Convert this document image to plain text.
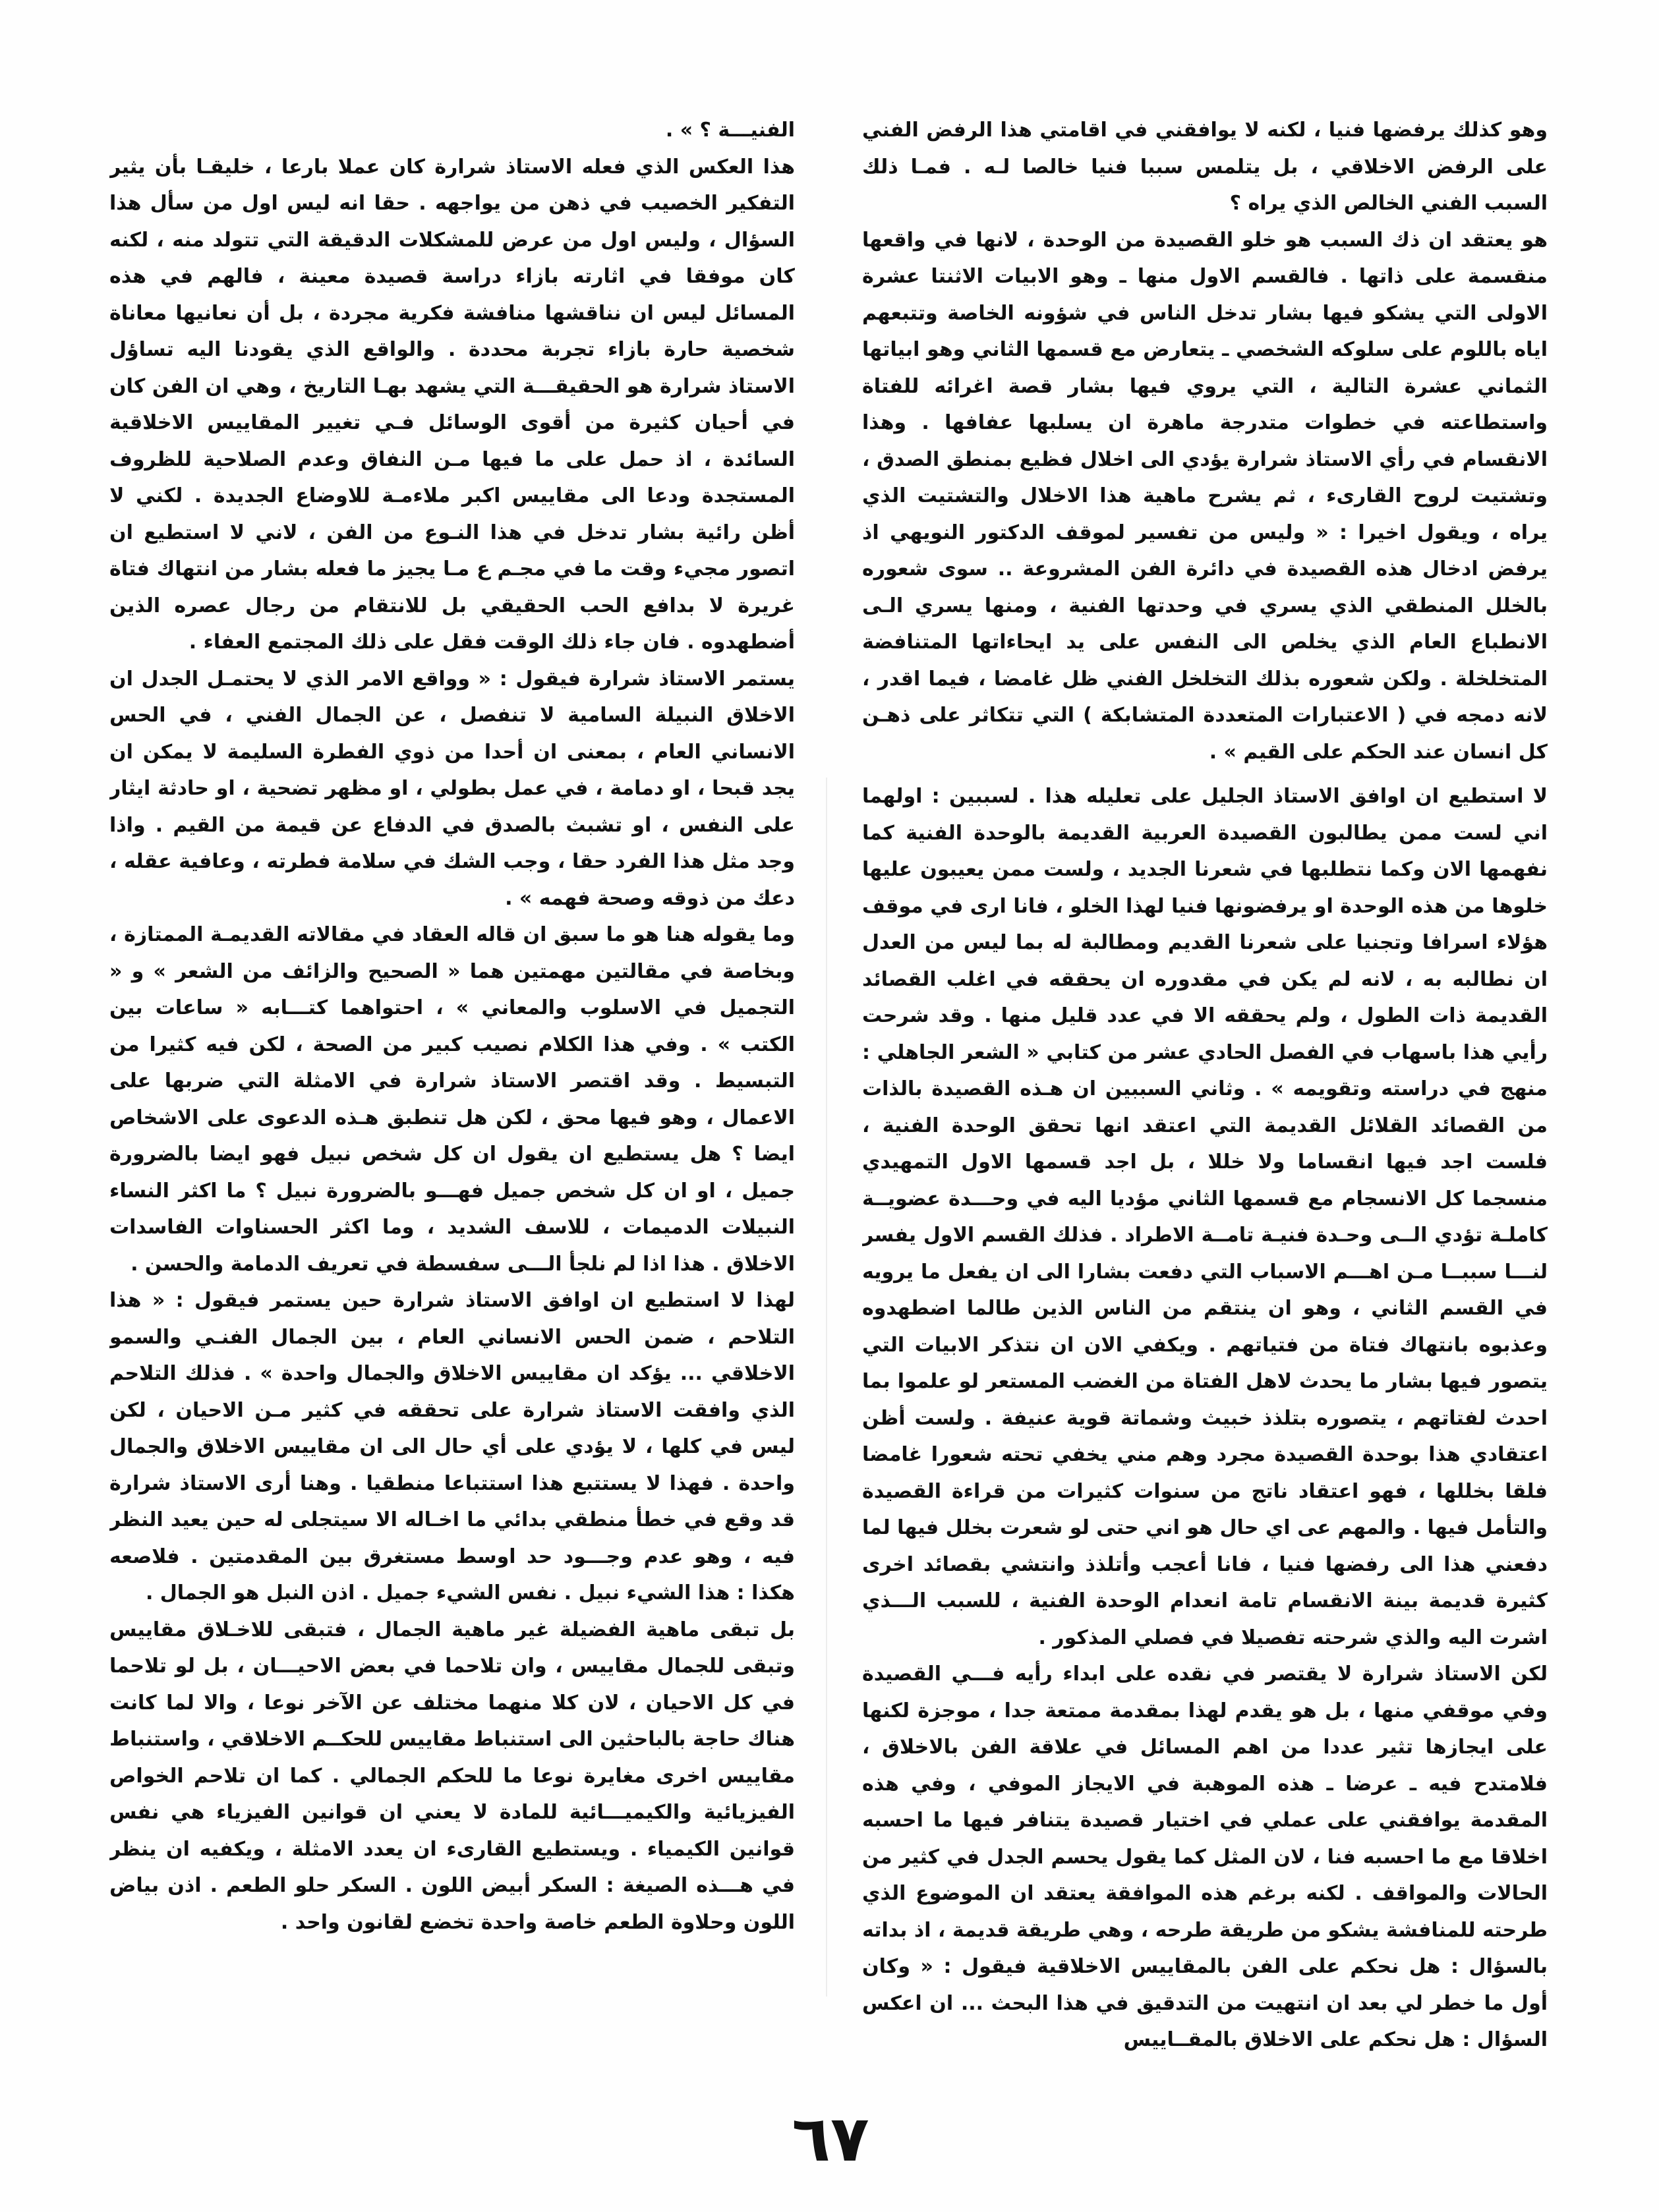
وهو كذلك يرفضها فنيا ، لكنه لا يوافقني في اقامتي هذا الرفض الفني على الرفض الاخلاقي ، بل يتلمس سببا فنيا خالصا لـه . فمـا ذلك السبب الفني الخالص الذي يراه ؟

هو يعتقد ان ذك السبب هو خلو القصيدة من الوحدة ، لانها في واقعها منقسمة على ذاتها . فالقسم الاول منها ـ وهو الابيات الاثنتا عشرة الاولى التي يشكو فيها بشار تدخل الناس في شؤونه الخاصة وتتبعهم اياه باللوم على سلوكه الشخصي ـ يتعارض مع قسمها الثاني وهو ابياتها الثماني عشرة التالية ، التي يروي فيها بشار قصة اغرائه للفتاة واستطاعته في خطوات متدرجة ماهرة ان يسلبها عفافها . وهذا الانقسام في رأي الاستاذ شرارة يؤدي الى اخلال فظيع بمنطق الصدق ، وتشتيت لروح القارىء ، ثم يشرح ماهية هذا الاخلال والتشتيت الذي يراه ، ويقول اخيرا : « وليس من تفسير لموقف الدكتور النويهي اذ يرفض ادخال هذه القصيدة في دائرة الفن المشروعة .. سوى شعوره بالخلل المنطقي الذي يسري في وحدتها الفنية ، ومنها يسري الـى الانطباع العام الذي يخلص الى النفس على يد ايحاءاتها المتنافضة المتخلخلة . ولكن شعوره بذلك التخلخل الفني ظل غامضا ، فيما اقدر ، لانه دمجه في ( الاعتبارات المتعددة المتشابكة ) التي تتكاثر على ذهـن كل انسان عند الحكم على القيم » .

لا استطيع ان اوافق الاستاذ الجليل على تعليله هذا . لسببين : اولهما اني لست ممن يطالبون القصيدة العربية القديمة بالوحدة الفنية كما نفهمها الان وكما نتطلبها في شعرنا الجديد ، ولست ممن يعيبون عليها خلوها من هذه الوحدة او يرفضونها فنيا لهذا الخلو ، فانا ارى في موقف هؤلاء اسرافا وتجنيا على شعرنا القديم ومطالبة له بما ليس من العدل ان نطالبه به ، لانه لم يكن في مقدوره ان يحققه في اغلب القصائد القديمة ذات الطول ، ولم يحققه الا في عدد قليل منها . وقد شرحت رأيي هذا باسهاب في الفصل الحادي عشر من كتابي « الشعر الجاهلي : منهج في دراسته وتقويمه » . وثاني السببين ان هـذه القصيدة بالذات من القصائد القلائل القديمة التي اعتقد انها تحقق الوحدة الفنية ، فلست اجد فيها انقساما ولا خللا ، بل اجد قسمها الاول التمهيدي منسجما كل الانسجام مع قسمها الثاني مؤديا اليه في وحـــدة عضويــة كاملـة تؤدي الــى وحـدة فنيـة تامــة الاطراد . فذلك القسم الاول يفسر لنـــا سببــا مـن اهـــم الاسباب التي دفعت بشارا الى ان يفعل ما يرويه في القسم الثاني ، وهو ان ينتقم من الناس الذين طالما اضطهدوه وعذبوه بانتهاك فتاة من فتياتهم . ويكفي الان ان نتذكر الابيات التي يتصور فيها بشار ما يحدث لاهل الفتاة من الغضب المستعر لو علموا بما احدث لفتاتهم ، يتصوره بتلذذ خبيث وشماتة قوية عنيفة . ولست أظن اعتقادي هذا بوحدة القصيدة مجرد وهم مني يخفي تحته شعورا غامضا فلقا بخللها ، فهو اعتقاد ناتج من سنوات كثيرات من قراءة القصيدة والتأمل فيها . والمهم عى اي حال هو اني حتى لو شعرت بخلل فيها لما دفعني هذا الى رفضها فنيا ، فانا أعجب وأتلذذ وانتشي بقصائد اخرى كثيرة قديمة بينة الانقسام تامة انعدام الوحدة الفنية ، للسبب الـــذي اشرت اليه والذي شرحته تفصيلا في فصلي المذكور .

لكن الاستاذ شرارة لا يقتصر في نقده على ابداء رأيه فـــي القصيدة وفي موقفي منها ، بل هو يقدم لهذا بمقدمة ممتعة جدا ، موجزة لكنها على ايجازها تثير عددا من اهم المسائل في علاقة الفن بالاخلاق ، فلامتدح فيه ـ عرضا ـ هذه الموهبة في الايجاز الموفي ، وفي هذه المقدمة يوافقني على عملي في اختيار قصيدة يتنافر فيها ما احسبه اخلاقا مع ما احسبه فنا ، لان المثل كما يقول يحسم الجدل في كثير من الحالات والمواقف . لكنه برغم هذه الموافقة يعتقد ان الموضوع الذي طرحته للمنافشة يشكو من طريقة طرحه ، وهي طريقة قديمة ، اذ بداته بالسؤال : هل نحكم على الفن بالمقاييس الاخلاقية فيقول : « وكان أول ما خطر لي بعد ان انتهيت من التدقيق في هذا البحث ... ان اعكس السؤال : هل نحكم على الاخلاق بالمقــاييس

الفنيـــة ؟ » .

هذا العكس الذي فعله الاستاذ شرارة كان عملا بارعا ، خليقـا بأن يثير التفكير الخصيب في ذهن من يواجهه . حقا انه ليس اول من سأل هذا السؤال ، وليس اول من عرض للمشكلات الدقيقة التي تتولد منه ، لكنه كان موفقا في اثارته بازاء دراسة قصيدة معينة ، فالهم في هذه المسائل ليس ان نناقشها منافشة فكرية مجردة ، بل أن نعانيها معاناة شخصية حارة بازاء تجربة محددة . والواقع الذي يقودنا اليه تساؤل الاستاذ شرارة هو الحقيقـــة التي يشهد بهـا التاريخ ، وهي ان الفن كان في أحيان كثيرة من أقوى الوسائل فـي تغيير المقاييس الاخلاقية السائدة ، اذ حمل على ما فيها مـن النفاق وعدم الصلاحية للظروف المستجدة ودعا الى مقاييس اكبر ملاءمـة للاوضاع الجديدة . لكني لا أظن رائية بشار تدخل في هذا النـوع من الفن ، لاني لا استطيع ان اتصور مجيء وقت ما في مجـم ع مـا يجيز ما فعله بشار من انتهاك فتاة غريرة لا بدافع الحب الحقيقي بل للانتقام من رجال عصره الذين أضطهدوه . فان جاء ذلك الوقت فقل على ذلك المجتمع العفاء .

يستمر الاستاذ شرارة فيقول : « وواقع الامر الذي لا يحتمـل الجدل ان الاخلاق النبيلة السامية لا تنفصل ، عن الجمال الفني ، في الحس الانساني العام ، بمعنى ان أحدا من ذوي الفطرة السليمة لا يمكن ان يجد قبحا ، او دمامة ، في عمل بطولي ، او مظهر تضحية ، او حادثة ايثار على النفس ، او تشبث بالصدق في الدفاع عن قيمة من القيم . واذا وجد مثل هذا الفرد حقا ، وجب الشك في سلامة فطرته ، وعافية عقله ، دعك من ذوقه وصحة فهمه » .

وما يقوله هنا هو ما سبق ان قاله العقاد في مقالاته القديمـة الممتازة ، وبخاصة في مقالتين مهمتين هما « الصحيح والزائف من الشعر » و « التجميل في الاسلوب والمعاني » ، احتواهما كتـــابه « ساعات بين الكتب » . وفي هذا الكلام نصيب كبير من الصحة ، لكن فيه كثيرا من التبسيط . وقد اقتصر الاستاذ شرارة في الامثلة التي ضربها على الاعمال ، وهو فيها محق ، لكن هل تنطبق هـذه الدعوى على الاشخاص ايضا ؟ هل يستطيع ان يقول ان كل شخص نبيل فهو ايضا بالضرورة جميل ، او ان كل شخص جميل فهـــو بالضرورة نبيل ؟ ما اكثر النساء النبيلات الدميمات ، للاسف الشديد ، وما اكثر الحسناوات الفاسدات الاخلاق . هذا اذا لم نلجأ الـــى سفسطة في تعريف الدمامة والحسن .

لهذا لا استطيع ان اوافق الاستاذ شرارة حين يستمر فيقول : « هذا التلاحم ، ضمن الحس الانساني العام ، بين الجمال الفنـي والسمو الاخلاقي ... يؤكد ان مقاييس الاخلاق والجمال واحدة » . فذلك التلاحم الذي وافقت الاستاذ شرارة على تحققه في كثير مـن الاحيان ، لكن ليس في كلها ، لا يؤدي على أي حال الى ان مقاييس الاخلاق والجمال واحدة . فهذا لا يستتبع هذا استتباعا منطقيا . وهنا أرى الاستاذ شرارة قد وقع في خطأ منطقي بدائي ما اخـاله الا سيتجلى له حين يعيد النظر فيه ، وهو عدم وجـــود حد اوسط مستغرق بين المقدمتين . فلاصعه هكذا : هذا الشيء نبيل . نفس الشيء جميل . اذن النبل هو الجمال .

بل تبقى ماهية الفضيلة غير ماهية الجمال ، فتبقى للاخـلاق مقاييس وتبقى للجمال مقاييس ، وان تلاحما في بعض الاحيـــان ، بل لو تلاحما في كل الاحيان ، لان كلا منهما مختلف عن الآخر نوعا ، والا لما كانت هناك حاجة بالباحثين الى استنباط مقاييس للحكــم الاخلاقي ، واستنباط مقاييس اخرى مغايرة نوعا ما للحكم الجمالي . كما ان تلاحم الخواص الفيزيائية والكيميـــائية للمادة لا يعني ان قوانين الفيزياء هي نفس قوانين الكيمياء . ويستطيع القارىء ان يعدد الامثلة ، ويكفيه ان ينظر في هـــذه الصيغة : السكر أبيض اللون . السكر حلو الطعم . اذن بياض اللون وحلاوة الطعم خاصة واحدة تخضع لقانون واحد .

٦٧
